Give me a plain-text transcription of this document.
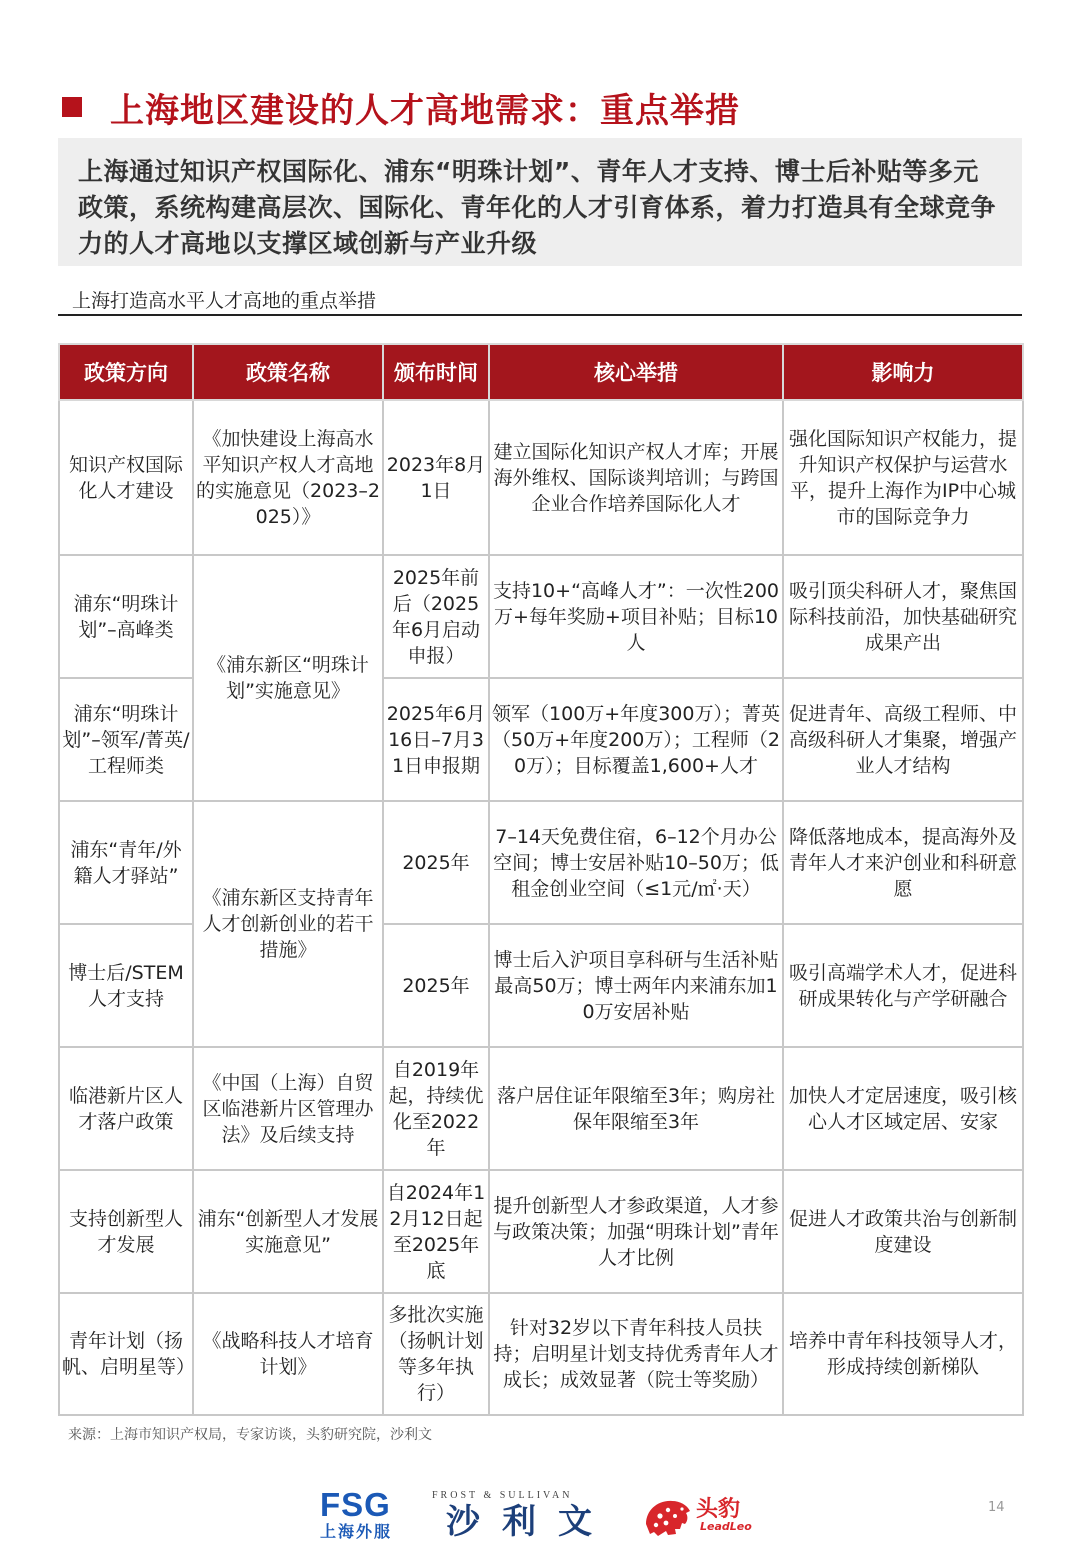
上海地区建设的人才高地需求：重点举措
上海通过知识产权国际化、浦东“明珠计划”、青年人才支持、博士后补贴等多元政策，系统构建高层次、国际化、青年化的人才引育体系，着力打造具有全球竞争力的人才高地以支撑区域创新与产业升级
上海打造高水平人才高地的重点举措
政策方向	政策名称	颁布时间	核心举措	影响力
知识产权国际化人才建设	《加快建设上海高水平知识产权人才高地的实施意见（2023–2025）》	2023年8月1日	建立国际化知识产权人才库；开展海外维权、国际谈判培训；与跨国企业合作培养国际化人才	强化国际知识产权能力，提升知识产权保护与运营水平，提升上海作为IP中心城市的国际竞争力
浦东“明珠计划”–高峰类	《浦东新区“明珠计划”实施意见》	2025年前后（2025年6月启动申报）	支持10+“高峰人才”：一次性200万+每年奖励+项目补贴；目标10人	吸引顶尖科研人才，聚焦国际科技前沿，加快基础研究成果产出
浦东“明珠计划”–领军/菁英/工程师类		2025年6月16日–7月31日申报期	领军（100万+年度300万）；菁英（50万+年度200万）；工程师（20万）；目标覆盖1,600+人才	促进青年、高级工程师、中高级科研人才集聚，增强产业人才结构
浦东“青年/外籍人才驿站”	《浦东新区支持青年人才创新创业的若干措施》	2025年	7–14天免费住宿，6–12个月办公空间；博士安居补贴10–50万；低租金创业空间（≤1元/㎡·天）	降低落地成本，提高海外及青年人才来沪创业和科研意愿
博士后/STEM人才支持		2025年	博士后入沪项目享科研与生活补贴最高50万；博士两年内来浦东加10万安居补贴	吸引高端学术人才，促进科研成果转化与产学研融合
临港新片区人才落户政策	《中国（上海）自贸区临港新片区管理办法》及后续支持	自2019年起，持续优化至2022年	落户居住证年限缩至3年；购房社保年限缩至3年	加快人才定居速度，吸引核心人才区域定居、安家
支持创新型人才发展	浦东“创新型人才发展实施意见”	自2024年12月12日起至2025年底	提升创新型人才参政渠道，人才参与政策决策；加强“明珠计划”青年人才比例	促进人才政策共治与创新制度建设
青年计划（扬帆、启明星等）	《战略科技人才培育计划》	多批次实施（扬帆计划等多年执行）	针对32岁以下青年科技人员扶持；启明星计划支持优秀青年人才成长；成效显著（院士等奖励）	培养中青年科技领导人才，形成持续创新梯队
来源：上海市知识产权局，专家访谈，头豹研究院，沙利文
FSG
上海外服
FROST & SULLIVAN
沙利文	头豹
LeadLeo
14
